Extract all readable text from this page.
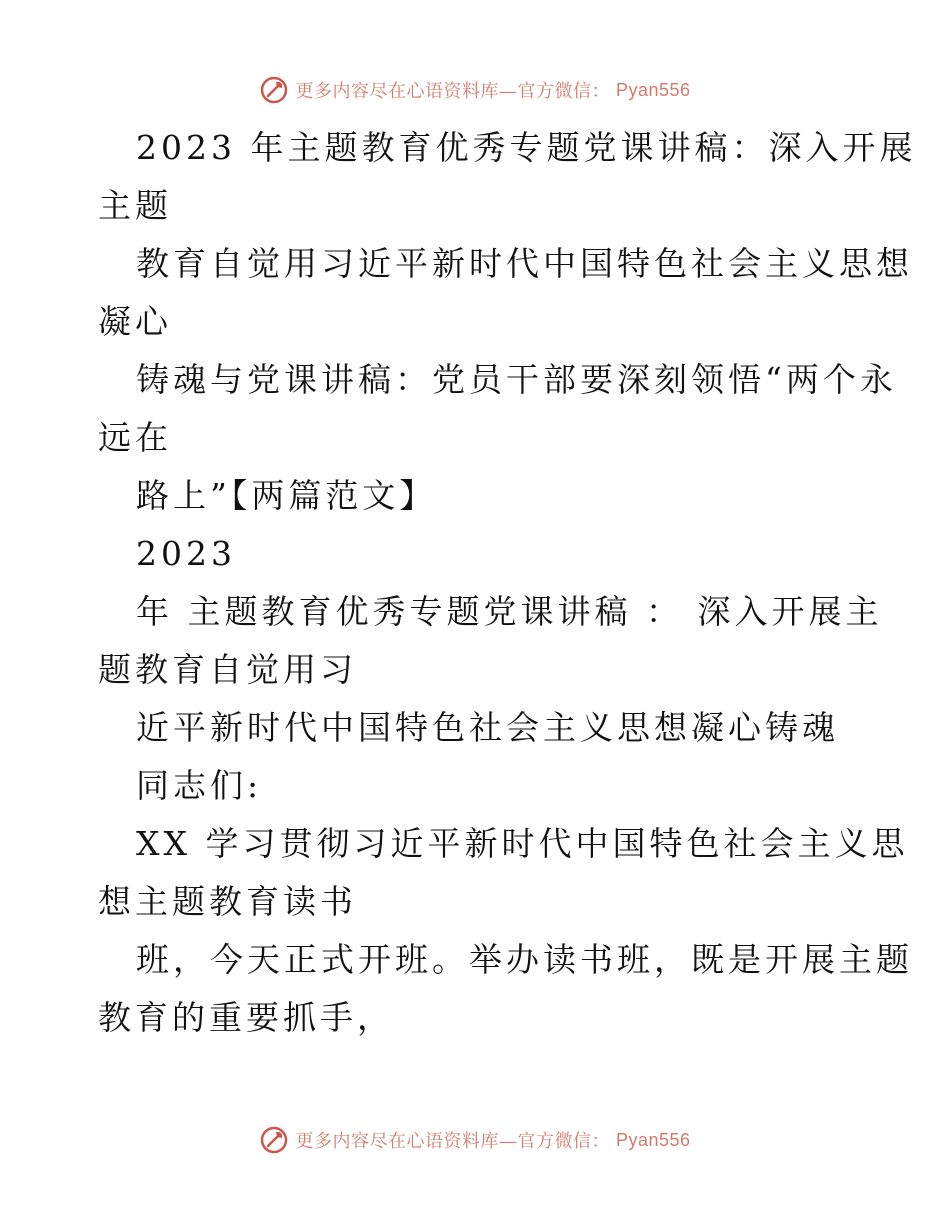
更多内容尽在心语资料库—官方微信： Pyan556
2023 年主题教育优秀专题党课讲稿：深入开展
主题
教育自觉用习近平新时代中国特色社会主义思想
凝心
铸魂与党课讲稿：党员干部要深刻领悟“两个永
远在
路上”【两篇范文】
2023
年 主题教育优秀专题党课讲稿 ： 深入开展主
题教育自觉用习
近平新时代中国特色社会主义思想凝心铸魂
同志们:
XX 学习贯彻习近平新时代中国特色社会主义思
想主题教育读书
班，今天正式开班。举办读书班，既是开展主题
教育的重要抓手，
更多内容尽在心语资料库—官方微信： Pyan556
